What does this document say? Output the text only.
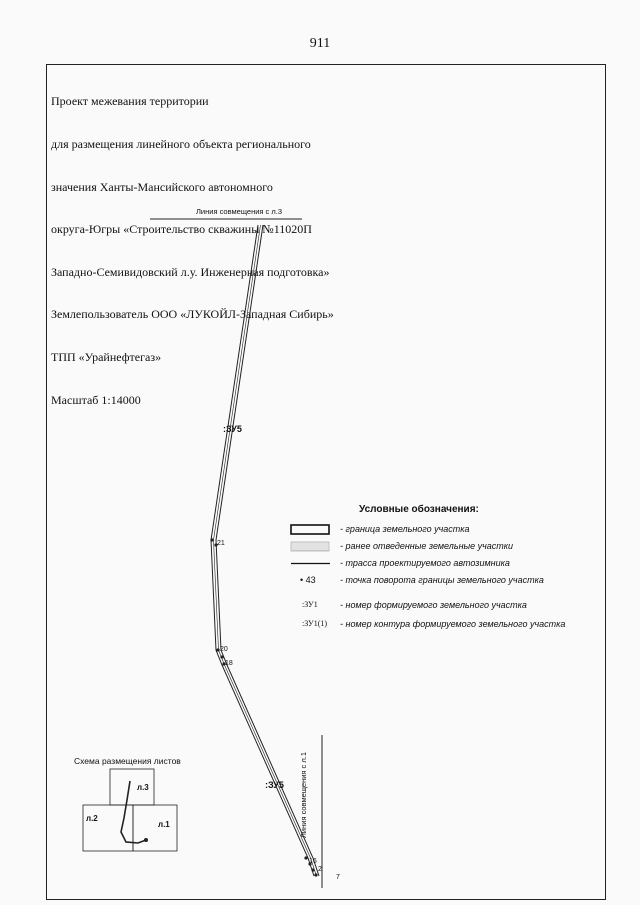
911

Проект межевания территории

для размещения линейного объекта регионального

значения Ханты-Мансийского автономного

округа-Югры «Строительство скважины №11020П

Западно-Семивидовский л.у. Инженерная подготовка»

Землепользователь ООО «ЛУКОЙЛ-Западная Сибирь»

ТПП «Урайнефтегаз»

Масштаб 1:14000

Линия совмещения с л.3
Линия совмещения с л.1
:ЗУ5
:ЗУ5
21
20
18
16
2
7
Условные обозначения:
- граница земельного участка
- ранее отведенные земельные участки
- трасса проектируемого автозимника
• 43	- точка поворота границы земельного участка
:ЗУ1	- номер формируемого земельного участка
:ЗУ1(1)	- номер контура формируемого земельного участка
Схема размещения листов
л.3
л.2
л.1
